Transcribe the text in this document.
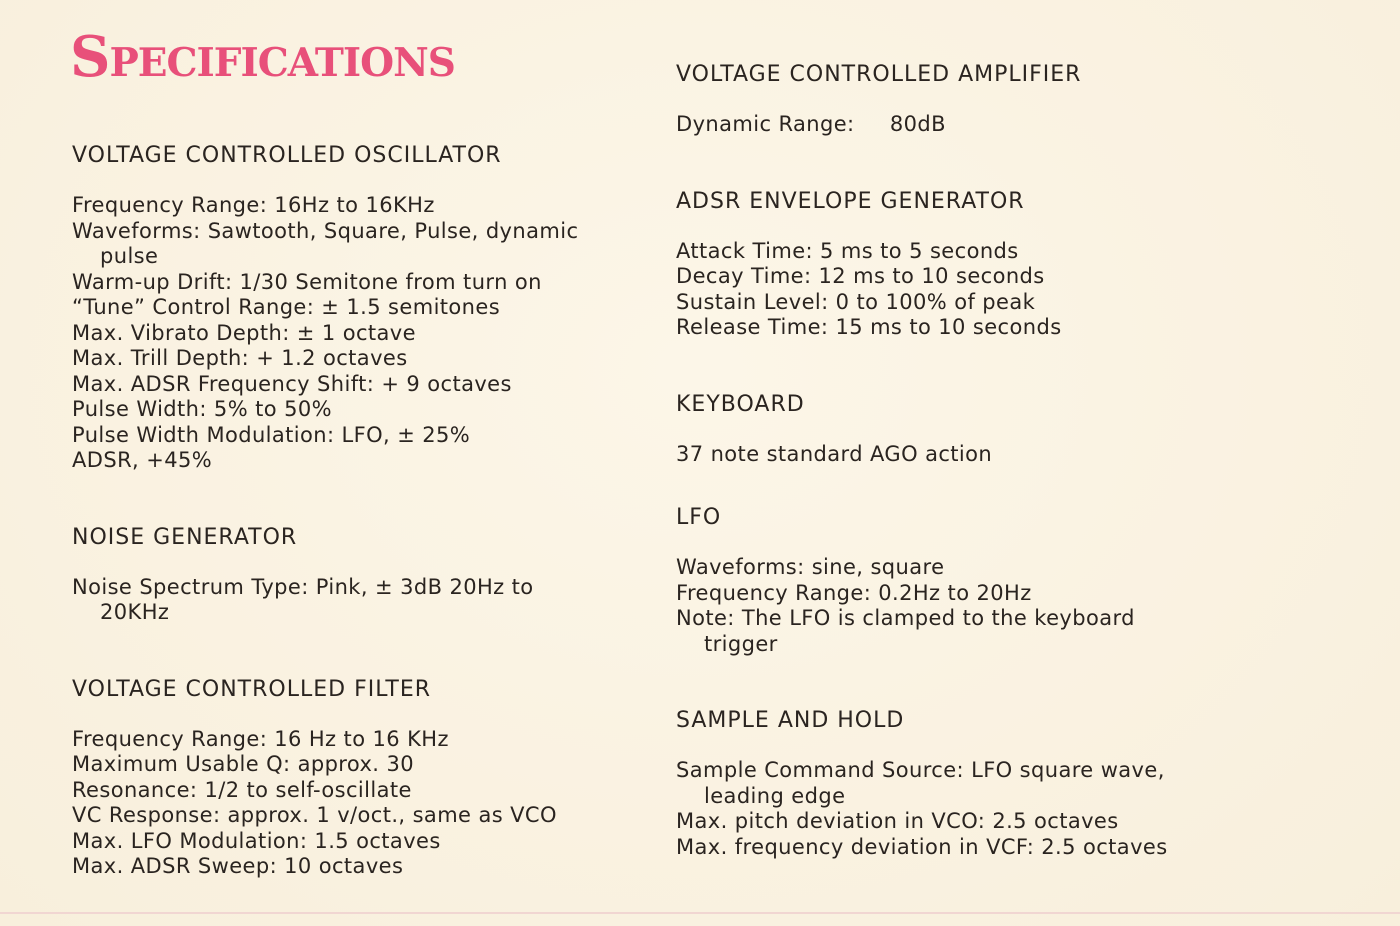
Specifications
VOLTAGE CONTROLLED OSCILLATOR
Frequency Range: 16Hz to 16KHz
Waveforms: Sawtooth, Square, Pulse, dynamic pulse
Warm-up Drift: 1/30 Semitone from turn on
“Tune” Control Range: ± 1.5 semitones
Max. Vibrato Depth: ± 1 octave
Max. Trill Depth: + 1.2 octaves
Max. ADSR Frequency Shift: + 9 octaves
Pulse Width: 5% to 50%
Pulse Width Modulation: LFO, ± 25%
ADSR, +45%
NOISE GENERATOR
Noise Spectrum Type: Pink, ± 3dB 20Hz to 20KHz
VOLTAGE CONTROLLED FILTER
Frequency Range: 16 Hz to 16 KHz
Maximum Usable Q: approx. 30
Resonance: 1/2 to self-oscillate
VC Response: approx. 1 v/oct., same as VCO
Max. LFO Modulation: 1.5 octaves
Max. ADSR Sweep: 10 octaves
VOLTAGE CONTROLLED AMPLIFIER
Dynamic Range:     80dB
ADSR ENVELOPE GENERATOR
Attack Time: 5 ms to 5 seconds
Decay Time: 12 ms to 10 seconds
Sustain Level: 0 to 100% of peak
Release Time: 15 ms to 10 seconds
KEYBOARD
37 note standard AGO action
LFO
Waveforms: sine, square
Frequency Range: 0.2Hz to 20Hz
Note: The LFO is clamped to the keyboard trigger
SAMPLE AND HOLD
Sample Command Source: LFO square wave, leading edge
Max. pitch deviation in VCO: 2.5 octaves
Max. frequency deviation in VCF: 2.5 octaves
